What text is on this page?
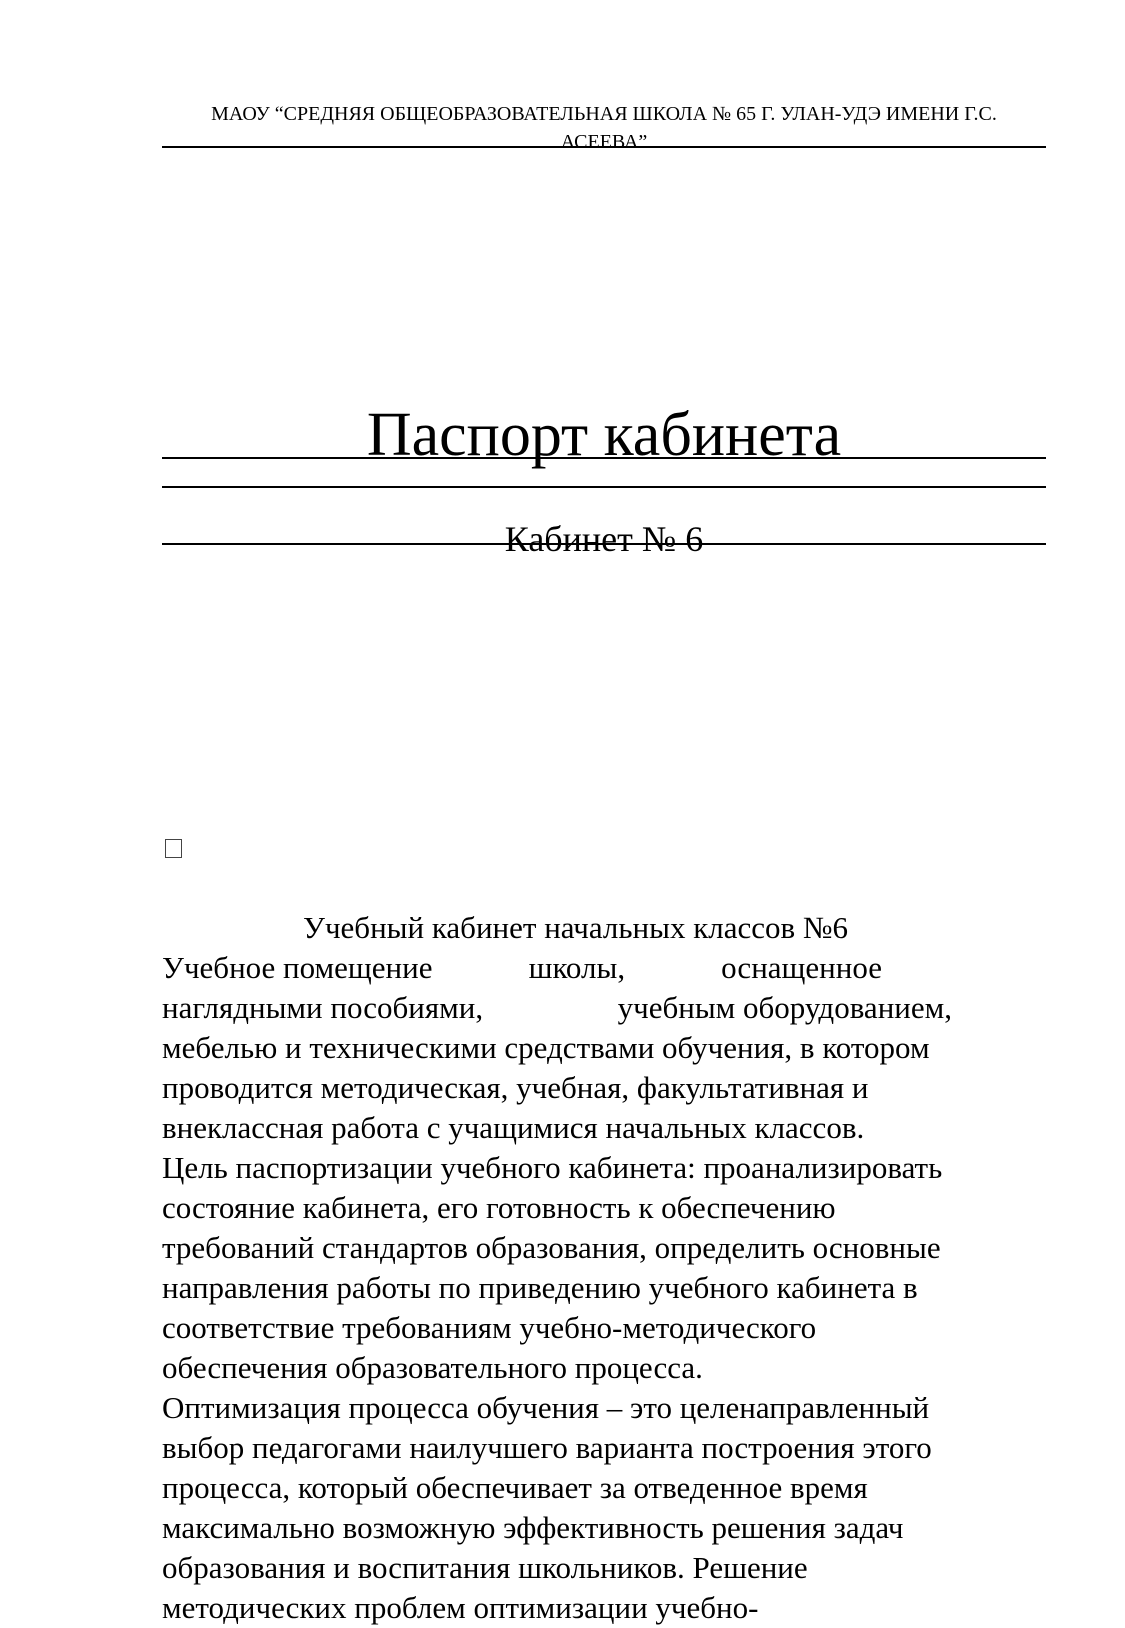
МАОУ “СРЕДНЯЯ ОБЩЕОБРАЗОВАТЕЛЬНАЯ ШКОЛА № 65 Г. УЛАН-УДЭ ИМЕНИ Г.С.
АСЕЕВА”
Паспорт кабинета
Кабинет № 6
Учебный кабинет начальных классов №6
Учебное помещение	школы,	оснащенное
наглядными пособиями,	учебным оборудованием,
мебелью и техническими средствами обучения, в котором
проводится методическая, учебная, факультативная и
внеклассная работа с учащимися начальных классов.
Цель паспортизации учебного кабинета: проанализировать
состояние кабинета, его готовность к обеспечению
требований стандартов образования, определить основные
направления работы по приведению учебного кабинета в
соответствие требованиям учебно-методического
обеспечения образовательного процесса.
Оптимизация процесса обучения – это целенаправленный
выбор педагогами наилучшего варианта построения этого
процесса, который обеспечивает за отведенное время
максимально возможную эффективность решения задач
образования и воспитания школьников. Решение
методических проблем оптимизации учебно-
